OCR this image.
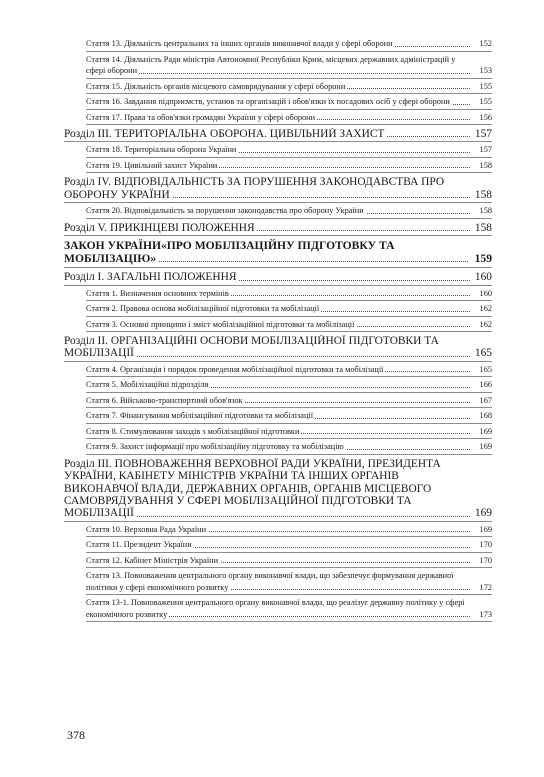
Стаття 13. Діяльність центральних та інших органів виконавчої влади у сфері оборони	152
Стаття 14. Діяльність Ради міністрів Автономної Республіки Крим, місцевих державних адміністрацій у сфері оборони	153
Стаття 15. Діяльність органів місцевого самоврядування у сфері оборони	155
Стаття 16. Завдання підприємств, установ та організацій і обов'язки їх посадових осіб у сфері оборони	155
Стаття 17. Права та обов'язки громадян України у сфері оборони	156
Розділ III. ТЕРИТОРІАЛЬНА ОБОРОНА. ЦИВІЛЬНИЙ ЗАХИСТ	157
Стаття 18. Територіальна оборона України	157
Стаття 19. Цивільний захист України	158
Розділ IV. ВІДПОВІДАЛЬНІСТЬ ЗА ПОРУШЕННЯ ЗАКОНОДАВСТВА ПРО ОБОРОНУ УКРАЇНИ	158
Стаття 20. Відповідальність за порушення законодавства про оборону України	158
Розділ V. ПРИКІНЦЕВІ ПОЛОЖЕННЯ	158
ЗАКОН УКРАЇНИ«ПРО МОБІЛІЗАЦІЙНУ ПІДГОТОВКУ ТА МОБІЛІЗАЦІЮ»	159
Розділ I. ЗАГАЛЬНІ ПОЛОЖЕННЯ	160
Стаття 1. Визначення основних термінів	160
Стаття 2. Правова основа мобілізаційної підготовки та мобілізації	162
Стаття 3. Основні принципи і зміст мобілізаційної підготовки та мобілізації	162
Розділ II. ОРГАНІЗАЦІЙНІ ОСНОВИ МОБІЛІЗАЦІЙНОЇ ПІДГОТОВКИ ТА МОБІЛІЗАЦІЇ	165
Стаття 4. Організація і порядок проведення мобілізаційної підготовки та мобілізації	165
Стаття 5. Мобілізаційні підрозділи	166
Стаття 6. Військово-транспортний обов'язок	167
Стаття 7. Фінансування мобілізаційної підготовки та мобілізації	168
Стаття 8. Стимулювання заходів з мобілізаційної підготовки	169
Стаття 9. Захист інформації про мобілізаційну підготовку та мобілізацію	169
Розділ III. ПОВНОВАЖЕННЯ ВЕРХОВНОЇ РАДИ УКРАЇНИ, ПРЕЗИДЕНТА УКРАЇНИ, КАБІНЕТУ МІНІСТРІВ УКРАЇНИ ТА ІНШИХ ОРГАНІВ ВИКОНАВЧОЇ ВЛАДИ, ДЕРЖАВНИХ ОРГАНІВ, ОРГАНІВ МІСЦЕВОГО САМОВРЯДУВАННЯ У СФЕРІ МОБІЛІЗАЦІЙНОЇ ПІДГОТОВКИ ТА МОБІЛІЗАЦІЇ	169
Стаття 10. Верховна Рада України	169
Стаття 11. Президент України	170
Стаття 12. Кабінет Міністрів України	170
Стаття 13. Повноваження центрального органу виконавчої влади, що забезпечує формування державної політики у сфері економічного розвитку	172
Стаття 13-1. Повноваження центрального органу виконавчої влади, що реалізує державну політику у сфері економічного розвитку	173
378
